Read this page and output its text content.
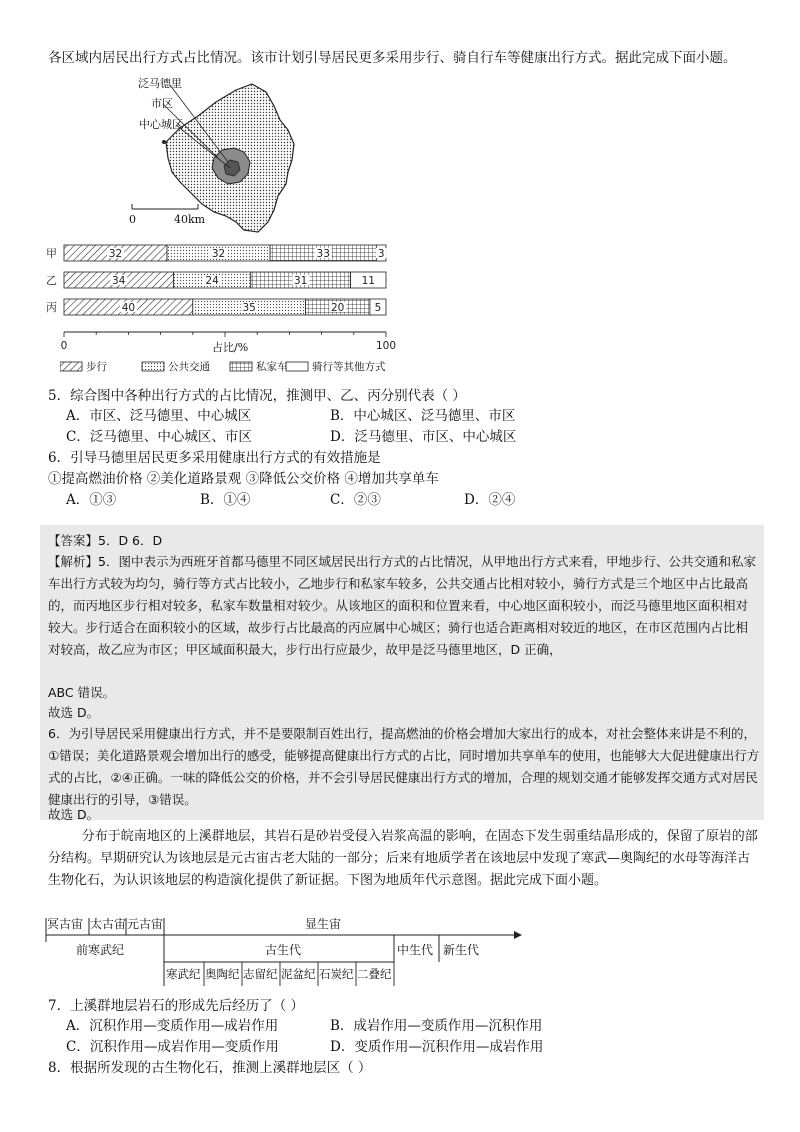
各区域内居民出行方式占比情况。该市计划引导居民更多采用步行、骑自行车等健康出行方式。据此完成下面小题。
泛马德里
市区
中心城区
0	40km
甲	32	32	33	3
乙	34	24	31	11
丙	40	35	20	5
0	100
占比/%
步行	公共交通	私家车 骑行等其他方式
5．综合图中各种出行方式的占比情况，推测甲、乙、丙分别代表（ ）
A．市区、泛马德里、中心城区	B．中心城区、泛马德里、市区
C．泛马德里、中心城区、市区	D．泛马德里、市区、中心城区
6．引导马德里居民更多采用健康出行方式的有效措施是
①提高燃油价格 ②美化道路景观 ③降低公交价格 ④增加共享单车
A．①③	B．①④	C．②③	D．②④
【答案】5．D 6．D
【解析】5．图中表示为西班牙首都马德里不同区域居民出行方式的占比情况，从甲地出行方式来看，甲地步行、公共交通和私家车出行方式较为均匀，骑行等方式占比较小，乙地步行和私家车较多，公共交通占比相对较小，骑行方式是三个地区中占比最高的，而丙地区步行相对较多，私家车数量相对较少。从该地区的面积和位置来看，中心地区面积较小，而泛马德里地区面积相对较大。步行适合在面积较小的区域，故步行占比最高的丙应属中心城区；骑行也适合距离相对较近的地区，在市区范围内占比相对较高，故乙应为市区；甲区域面积最大，步行出行应最少，故甲是泛马德里地区，D 正确，
ABC 错误。
故选 D。
6．为引导居民采用健康出行方式，并不是要限制百姓出行，提高燃油的价格会增加大家出行的成本，对社会整体来讲是不利的，①错误；美化道路景观会增加出行的感受，能够提高健康出行方式的占比，同时增加共享单车的使用，也能够大大促进健康出行方式的占比，②④正确。一味的降低公交的价格，并不会引导居民健康出行方式的增加，合理的规划交通才能够发挥交通方式对居民健康出行的引导，③错误。
故选 D。
分布于皖南地区的上溪群地层，其岩石是砂岩受侵入岩浆高温的影响，在固态下发生弱重结晶形成的，保留了原岩的部分结构。早期研究认为该地层是元古宙古老大陆的一部分；后来有地质学者在该地层中发现了寒武—奥陶纪的水母等海洋古生物化石，为认识该地层的构造演化提供了新证据。下图为地质年代示意图。据此完成下面小题。
冥古宙 太古宙 元古宙	显生宙
前寒武纪	古生代	中生代 新生代
寒武纪 奥陶纪 志留纪 泥盆纪 石炭纪 二叠纪
7．上溪群地层岩石的形成先后经历了（ ）
A．沉积作用—变质作用—成岩作用	B．成岩作用—变质作用—沉积作用
C．沉积作用—成岩作用—变质作用	D．变质作用—沉积作用—成岩作用
8．根据所发现的古生物化石，推测上溪群地层区（ ）
